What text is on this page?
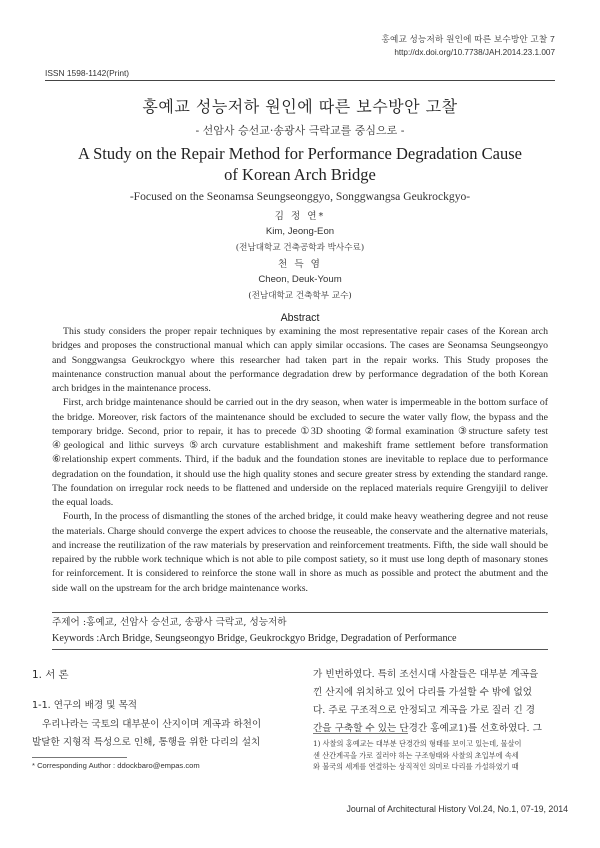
홍예교 성능저하 원인에 따른 보수방안 고찰 7
http://dx.doi.org/10.7738/JAH.2014.23.1.007
ISSN 1598-1142(Print)
홍예교 성능저하 원인에 따른 보수방안 고찰
- 선암사 승선교·송광사 극락교를 중심으로 -
A Study on the Repair Method for Performance Degradation Cause
of Korean Arch Bridge
-Focused on the Seonamsa Seungseonggyo, Songgwangsa Geukrockgyo-
김 정 연*
Kim, Jeong-Eon
(전남대학교 건축공학과 박사수료)
천 득 염
Cheon, Deuk-Youm
(전남대학교 건축학부 교수)
Abstract

This study considers the proper repair techniques by examining the most representative repair cases of the Korean arch bridges and proposes the constructional manual which can apply similar occasions. The cases are Seonamsa Seungseongyo and Songgwangsa Geukrockgyo where this researcher had taken part in the repair works. This Study proposes the maintenance construction manual about the performance degradation drew by performance degradation of the both Korean arch bridges in the maintenance process.

First, arch bridge maintenance should be carried out in the dry season, when water is impermeable in the bottom surface of the bridge. Moreover, risk factors of the maintenance should be excluded to secure the water vally flow, the bypass and the temporary bridge. Second, prior to repair, it has to precede ①3D shooting ②formal examination ③structure safety test ④geological and lithic surveys ⑤arch curvature establishment and makeshift frame settlement before transformation ⑥relationship expert comments. Third, if the baduk and the foundation stones are inevitable to replace due to performance degradation on the foundation, it should use the high quality stones and secure greater stress by extending the standard range. The foundation on irregular rock needs to be flattened and underside on the replaced materials require Grengyijil to deliver the equal loads.

Fourth, In the process of dismantling the stones of the arched bridge, it could make heavy weathering degree and not reuse the materials. Charge should converge the expert advices to choose the reuseable, the conservate and the alternative materials, and increase the reutilization of the raw materials by preservation and reinforcement treatments. Fifth, the side wall should be repaired by the rubble work technique which is not able to pile compost satiety, so it must use long depth of masonary stones for reinforcement. It is considered to reinforce the stone wall in shore as much as possible and protect the abutment and the side wall on the upstream for the arch bridge maintenance works.

주제어 :홍예교, 선암사 승선교, 송광사 극락교, 성능저하
Keywords :Arch Bridge, Seungseongyo Bridge, Geukrockgyo Bridge, Degradation of Performance
1. 서 론
1-1. 연구의 배경 및 목적

우리나라는 국토의 대부분이 산지이며 계곡과 하천이

발달한 지형적 특성으로 인해, 통행을 위한 다리의 설치
* Corresponding Author : ddockbaro@empas.com
가 빈번하였다. 특히 조선시대 사찰들은 대부분 계곡을
낀 산지에 위치하고 있어 다리를 가설할 수 밖에 없었
다. 주로 구조적으로 안정되고 계곡을 가로 질러 긴 경
간을 구축할 수 있는 단경간 홍예교1)를 선호하였다. 그
1) 사찰의 홍예교는 대부분 단경간의 형태를 보이고 있는데, 물살이
센 산간계곡을 가로 질러야 하는 구조형태와 사찰의 초입부에 속세
와 불국의 세계를 연결하는 상직적인 의미로 다리를 가설하였기 때
Journal of Architectural History Vol.24, No.1, 07-19, 2014
